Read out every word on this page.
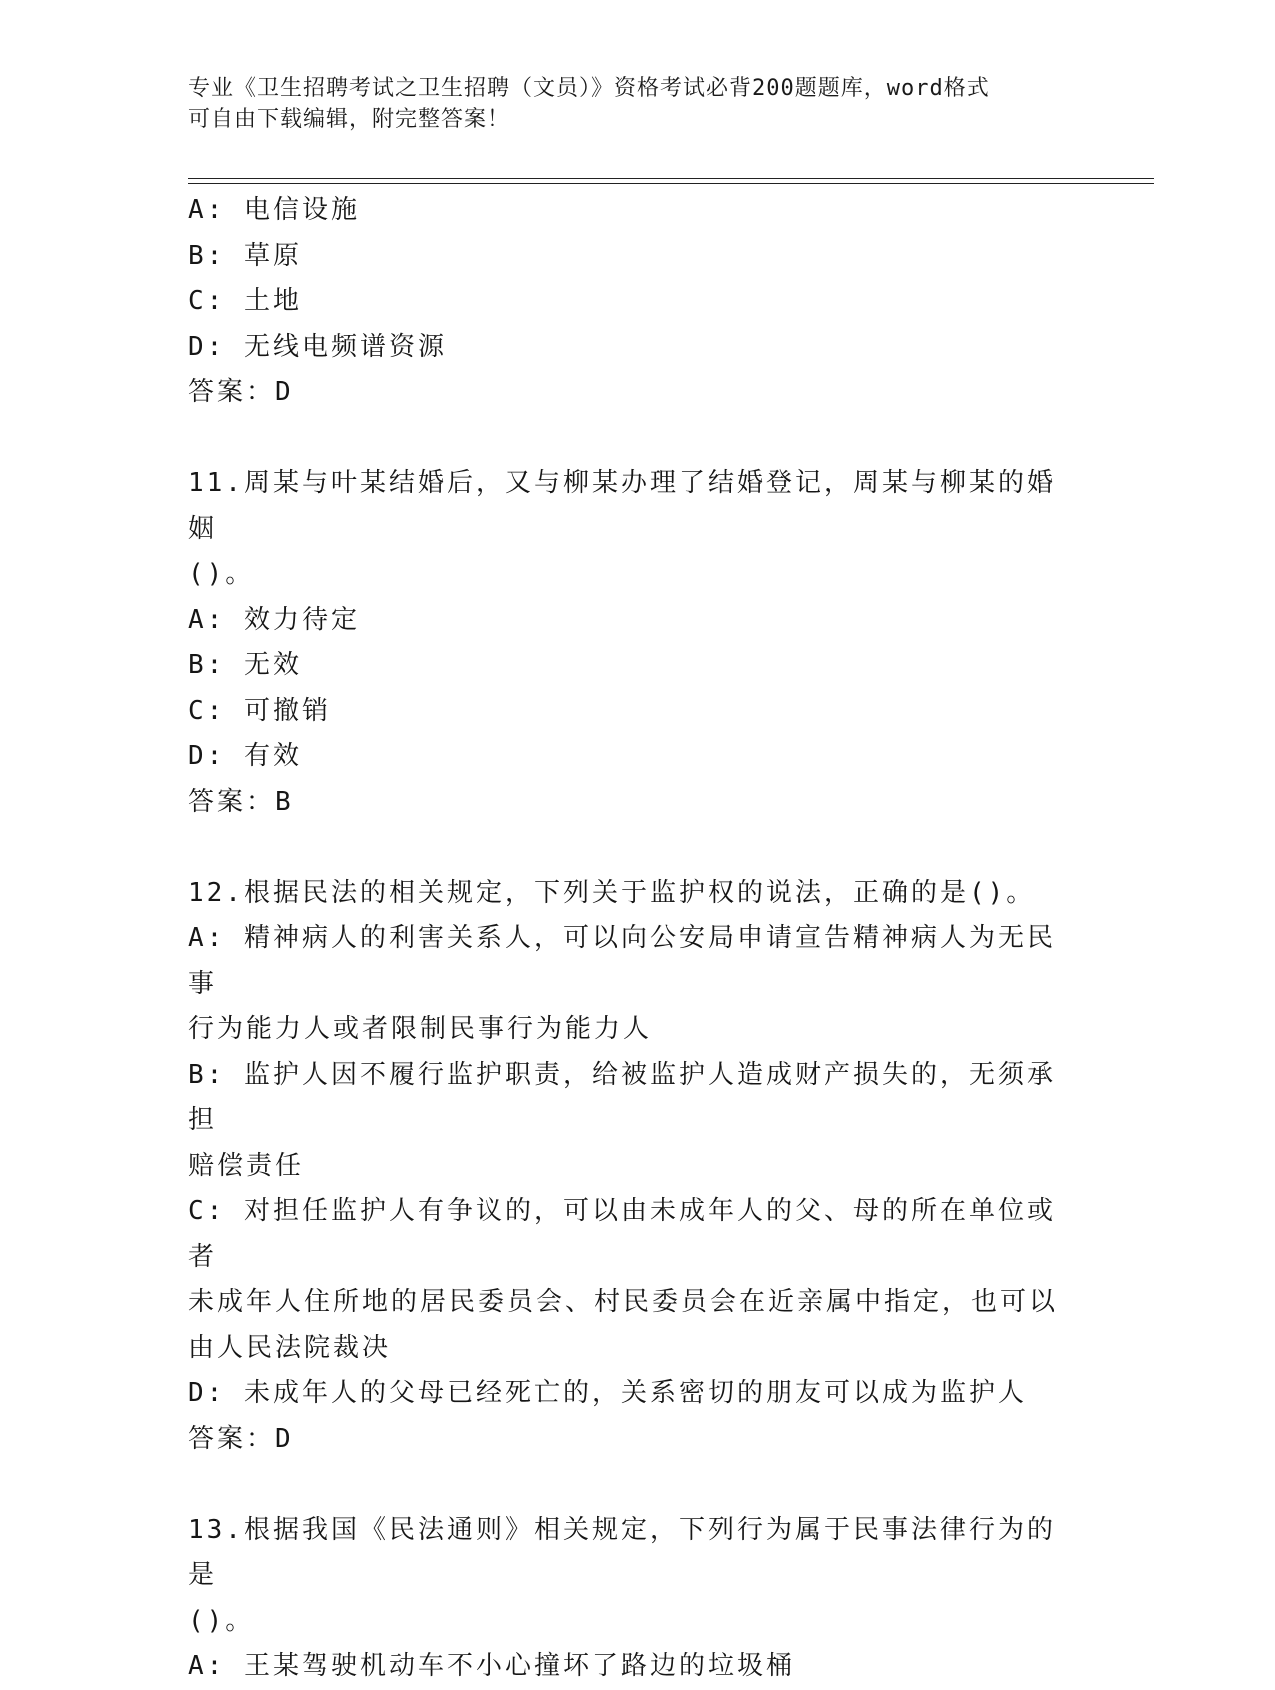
专业《卫生招聘考试之卫生招聘（文员）》资格考试必背200题题库，word格式
可自由下载编辑，附完整答案！
A: 电信设施
B: 草原
C: 土地
D: 无线电频谱资源
答案：D
11.周某与叶某结婚后，又与柳某办理了结婚登记，周某与柳某的婚姻
()。
A: 效力待定
B: 无效
C: 可撤销
D: 有效
答案：B
12.根据民法的相关规定，下列关于监护权的说法，正确的是()。
A: 精神病人的利害关系人，可以向公安局申请宣告精神病人为无民事
行为能力人或者限制民事行为能力人
B: 监护人因不履行监护职责，给被监护人造成财产损失的，无须承担
赔偿责任
C: 对担任监护人有争议的，可以由未成年人的父、母的所在单位或者
未成年人住所地的居民委员会、村民委员会在近亲属中指定，也可以
由人民法院裁决
D: 未成年人的父母已经死亡的，关系密切的朋友可以成为监护人
答案：D
13.根据我国《民法通则》相关规定，下列行为属于民事法律行为的是
()。
A: 王某驾驶机动车不小心撞坏了路边的垃圾桶
